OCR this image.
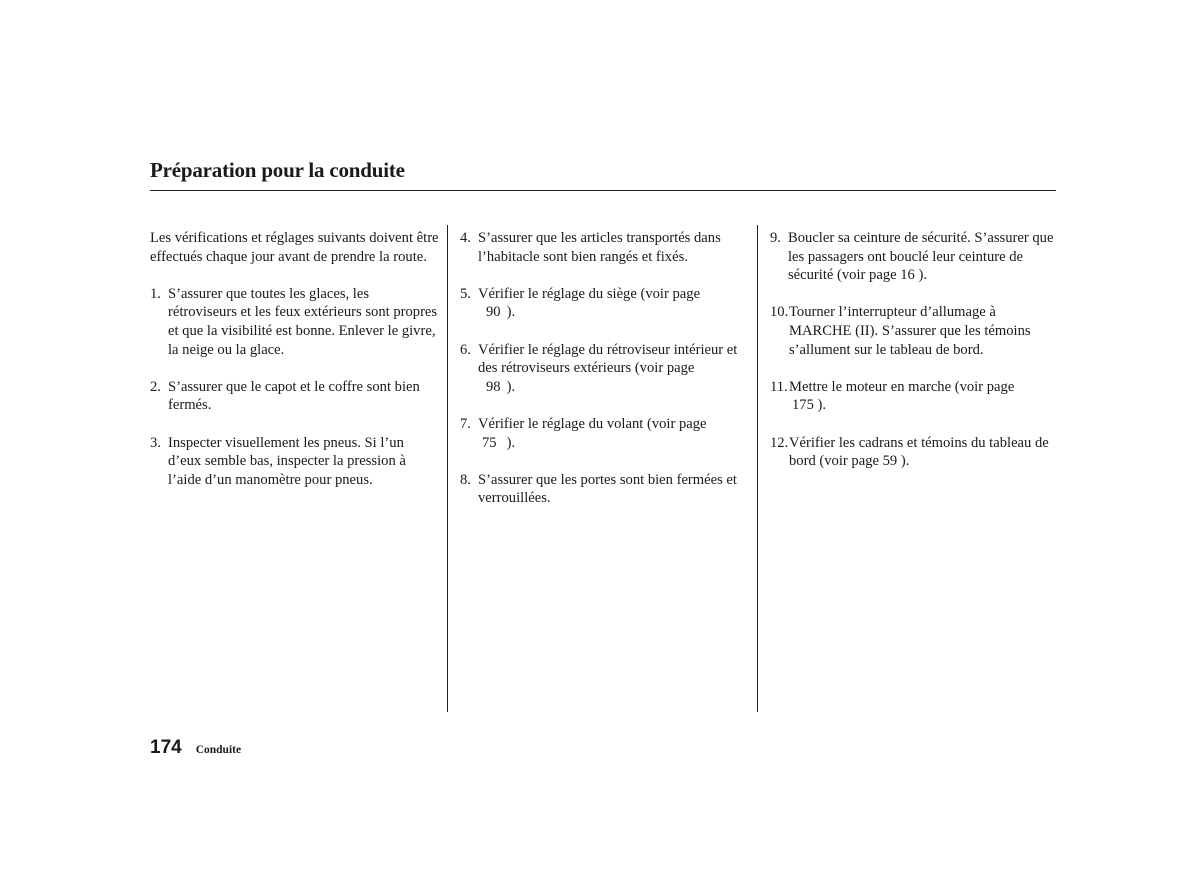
Préparation pour la conduite

Les vérifications et réglages suivants doivent être effectués chaque jour avant de prendre la route.

1. S’assurer que toutes les glaces, les rétroviseurs et les feux extérieurs sont propres et que la visibilité est bonne. Enlever le givre, la neige ou la glace.
2. S’assurer que le capot et le coffre sont bien fermés.
3. Inspecter visuellement les pneus. Si l’un d’eux semble bas, inspecter la pression à l’aide d’un manomètre pour pneus.
4. S’assurer que les articles transportés dans l’habitacle sont bien rangés et fixés.
5. Vérifier le réglage du siège (voir page
90 ).
6. Vérifier le réglage du rétroviseur intérieur et des rétroviseurs extérieurs (voir page
98 ).
7. Vérifier le réglage du volant (voir page
75 ).
8. S’assurer que les portes sont bien fermées et verrouillées.
9. Boucler sa ceinture de sécurité. S’assurer que les passagers ont bouclé leur ceinture de sécurité (voir page 16 ).
10. Tourner l’interrupteur d’allumage à MARCHE (II). S’assurer que les témoins s’allument sur le tableau de bord.
11. Mettre le moteur en marche (voir page
175 ).
12. Vérifier les cadrans et témoins du tableau de bord (voir page 59 ).
174 Conduite
